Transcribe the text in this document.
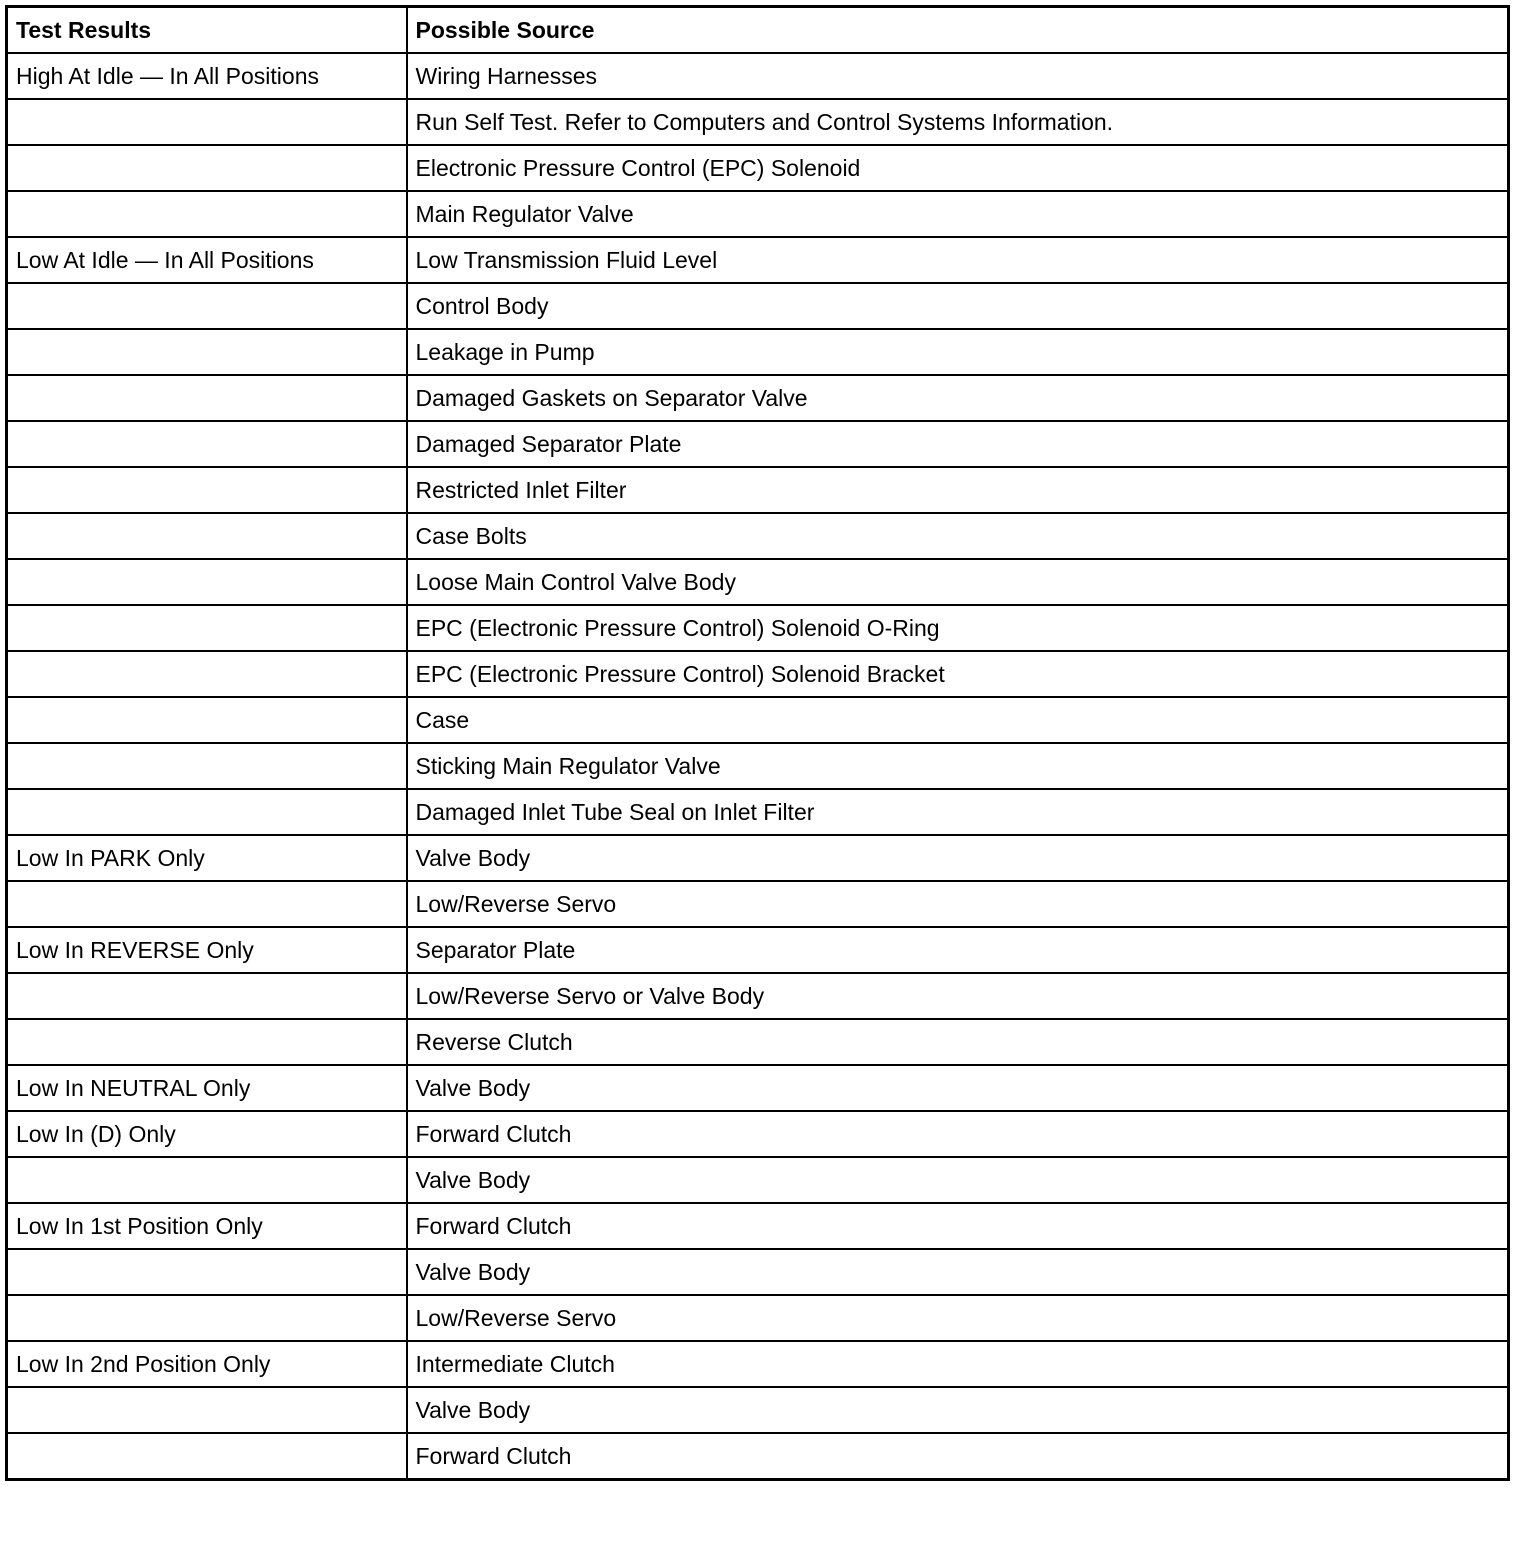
Test Results	Possible Source
High At Idle — In All Positions	Wiring Harnesses
	Run Self Test. Refer to Computers and Control Systems Information.
	Electronic Pressure Control (EPC) Solenoid
	Main Regulator Valve
Low At Idle — In All Positions	Low Transmission Fluid Level
	Control Body
	Leakage in Pump
	Damaged Gaskets on Separator Valve
	Damaged Separator Plate
	Restricted Inlet Filter
	Case Bolts
	Loose Main Control Valve Body
	EPC (Electronic Pressure Control) Solenoid O-Ring
	EPC (Electronic Pressure Control) Solenoid Bracket
	Case
	Sticking Main Regulator Valve
	Damaged Inlet Tube Seal on Inlet Filter
Low In PARK Only	Valve Body
	Low/Reverse Servo
Low In REVERSE Only	Separator Plate
	Low/Reverse Servo or Valve Body
	Reverse Clutch
Low In NEUTRAL Only	Valve Body
Low In (D) Only	Forward Clutch
	Valve Body
Low In 1st Position Only	Forward Clutch
	Valve Body
	Low/Reverse Servo
Low In 2nd Position Only	Intermediate Clutch
	Valve Body
	Forward Clutch
